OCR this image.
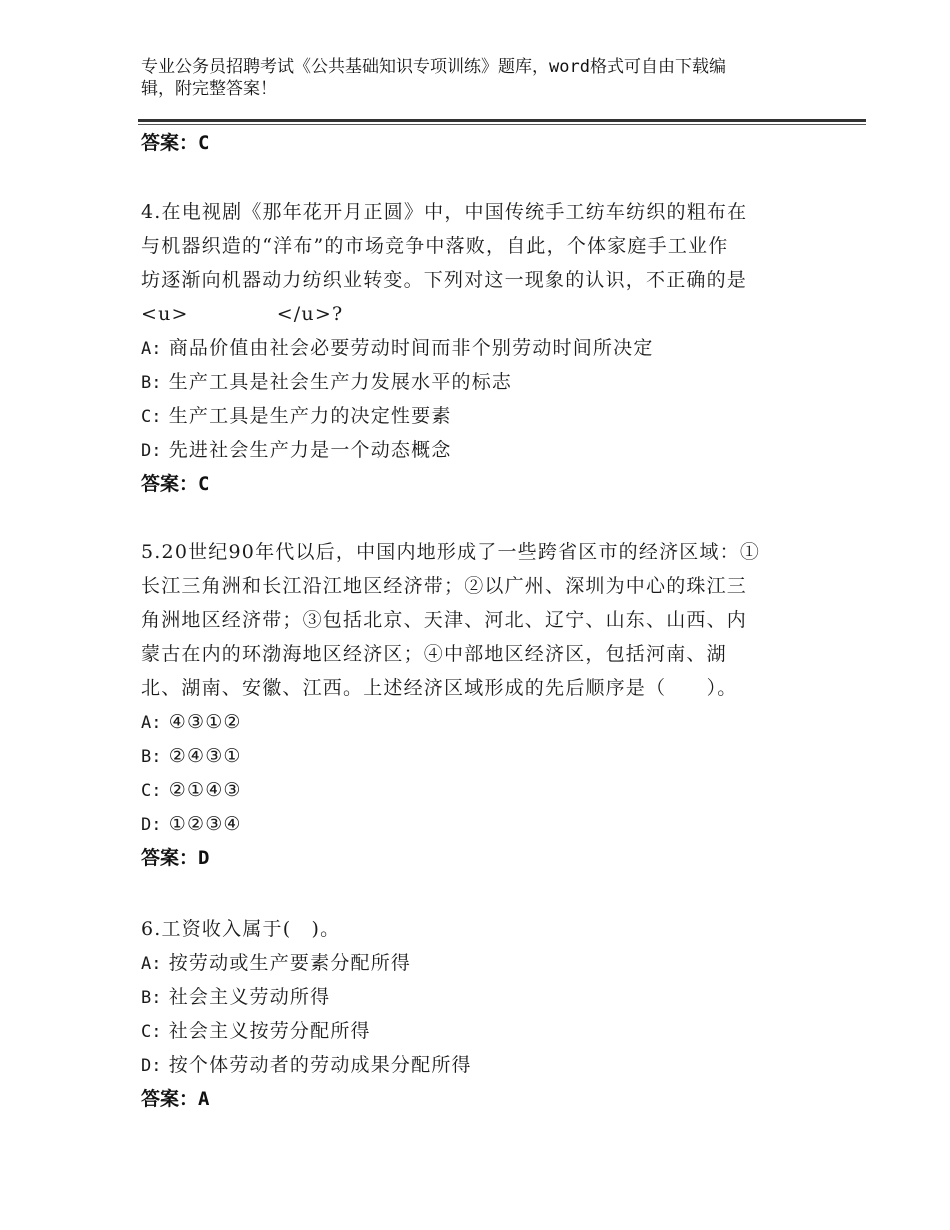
专业公务员招聘考试《公共基础知识专项训练》题库，word格式可自由下载编
辑，附完整答案！
答案：C
4.在电视剧《那年花开月正圆》中，中国传统手工纺车纺织的粗布在
与机器织造的“洋布”的市场竞争中落败，自此，个体家庭手工业作
坊逐渐向机器动力纺织业转变。下列对这一现象的认识，不正确的是
<u>	</u>?
A: 商品价值由社会必要劳动时间而非个别劳动时间所决定
B: 生产工具是社会生产力发展水平的标志
C: 生产工具是生产力的决定性要素
D: 先进社会生产力是一个动态概念
答案：C
5.20世纪90年代以后，中国内地形成了一些跨省区市的经济区域：①
长江三角洲和长江沿江地区经济带；②以广州、深圳为中心的珠江三
角洲地区经济带；③包括北京、天津、河北、辽宁、山东、山西、内
蒙古在内的环渤海地区经济区；④中部地区经济区，包括河南、湖
北、湖南、安徽、江西。上述经济区域形成的先后顺序是（　　）。
A: ④③①②
B: ②④③①
C: ②①④③
D: ①②③④
答案：D
6.工资收入属于(　)。
A: 按劳动或生产要素分配所得
B: 社会主义劳动所得
C: 社会主义按劳分配所得
D: 按个体劳动者的劳动成果分配所得
答案：A
